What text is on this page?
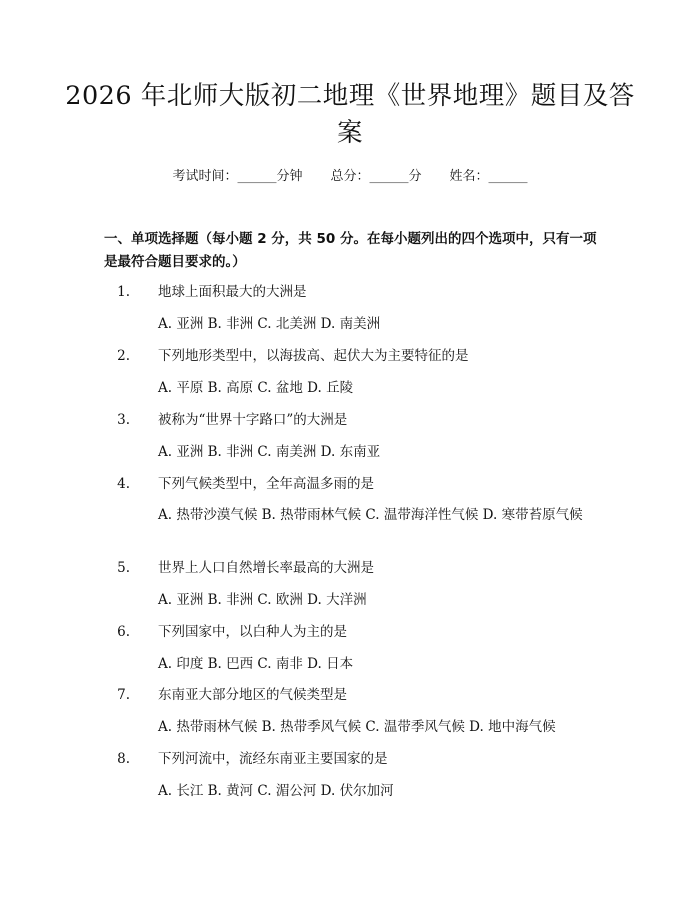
2026 年北师大版初二地理《世界地理》题目及答案
考试时间：______分钟 总分：______分 姓名：______
一、单项选择题（每小题 2 分，共 50 分。在每小题列出的四个选项中，只有一项是最符合题目要求的。）
1. 地球上面积最大的大洲是
A. 亚洲 B. 非洲 C. 北美洲 D. 南美洲
2. 下列地形类型中，以海拔高、起伏大为主要特征的是
A. 平原 B. 高原 C. 盆地 D. 丘陵
3. 被称为“世界十字路口”的大洲是
A. 亚洲 B. 非洲 C. 南美洲 D. 东南亚
4. 下列气候类型中，全年高温多雨的是
A. 热带沙漠气候 B. 热带雨林气候 C. 温带海洋性气候 D. 寒带苔原气候
5. 世界上人口自然增长率最高的大洲是
A. 亚洲 B. 非洲 C. 欧洲 D. 大洋洲
6. 下列国家中，以白种人为主的是
A. 印度 B. 巴西 C. 南非 D. 日本
7. 东南亚大部分地区的气候类型是
A. 热带雨林气候 B. 热带季风气候 C. 温带季风气候 D. 地中海气候
8. 下列河流中，流经东南亚主要国家的是
A. 长江 B. 黄河 C. 湄公河 D. 伏尔加河
